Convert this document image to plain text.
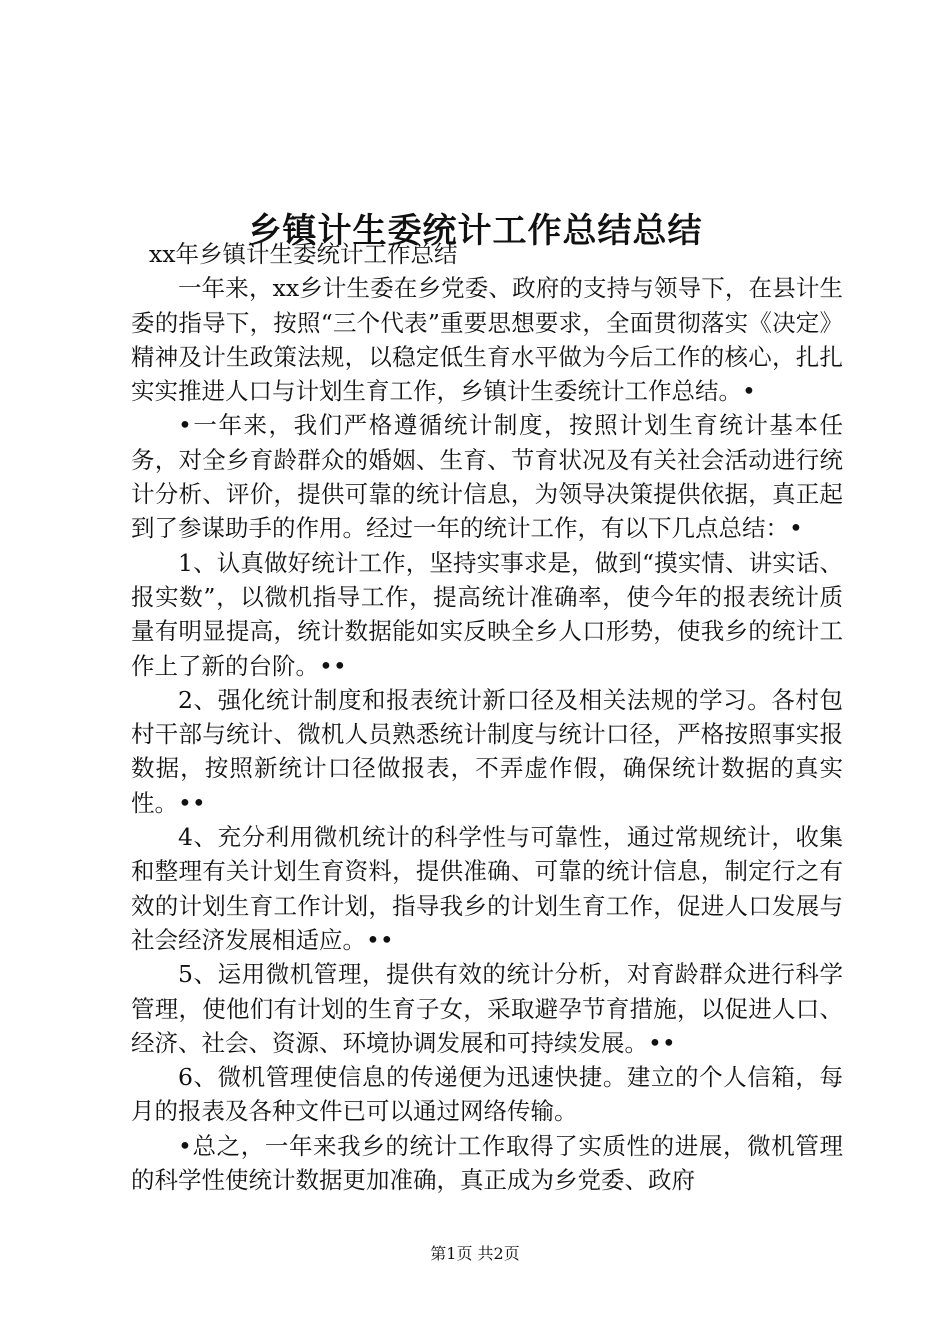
乡镇计生委统计工作总结总结

xx年乡镇计生委统计工作总结

一年来，xx乡计生委在乡党委、政府的支持与领导下，在县计生委的指导下，按照“三个代表”重要思想要求，全面贯彻落实《决定》精神及计生政策法规，以稳定低生育水平做为今后工作的核心，扎扎实实推进人口与计划生育工作，乡镇计生委统计工作总结。•

•一年来，我们严格遵循统计制度，按照计划生育统计基本任务，对全乡育龄群众的婚姻、生育、节育状况及有关社会活动进行统计分析、评价，提供可靠的统计信息，为领导决策提供依据，真正起到了参谋助手的作用。经过一年的统计工作，有以下几点总结：•

1、认真做好统计工作，坚持实事求是，做到“摸实情、讲实话、报实数”，以微机指导工作，提高统计准确率，使今年的报表统计质量有明显提高，统计数据能如实反映全乡人口形势，使我乡的统计工作上了新的台阶。••

2、强化统计制度和报表统计新口径及相关法规的学习。各村包村干部与统计、微机人员熟悉统计制度与统计口径，严格按照事实报数据，按照新统计口径做报表，不弄虚作假，确保统计数据的真实性。••

4、充分利用微机统计的科学性与可靠性，通过常规统计，收集和整理有关计划生育资料，提供准确、可靠的统计信息，制定行之有效的计划生育工作计划，指导我乡的计划生育工作，促进人口发展与社会经济发展相适应。••

5、运用微机管理，提供有效的统计分析，对育龄群众进行科学管理，使他们有计划的生育子女，采取避孕节育措施，以促进人口、经济、社会、资源、环境协调发展和可持续发展。••

6、微机管理使信息的传递便为迅速快捷。建立的个人信箱，每月的报表及各种文件已可以通过网络传输。

•总之，一年来我乡的统计工作取得了实质性的进展，微机管理的科学性使统计数据更加准确，真正成为乡党委、政府

第1页 共2页
